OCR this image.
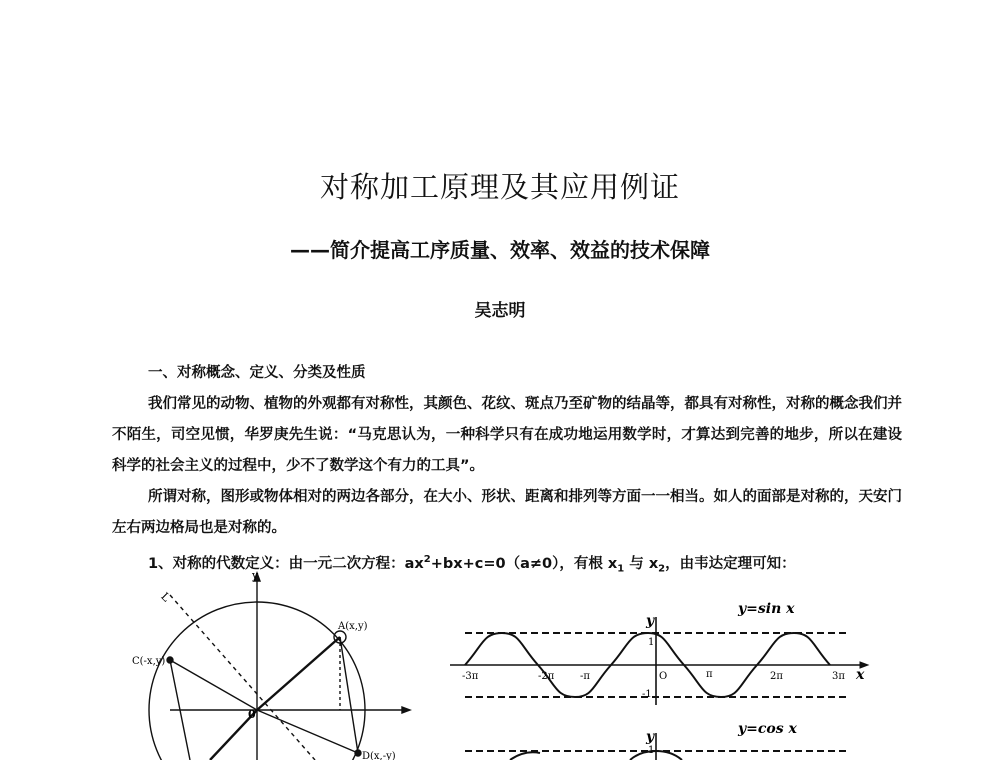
对称加工原理及其应用例证
——简介提高工序质量、效率、效益的技术保障
吴志明

一、对称概念、定义、分类及性质

我们常见的动物、植物的外观都有对称性，其颜色、花纹、斑点乃至矿物的结晶等，都具有对称性，对称的概念我们并不陌生，司空见惯，华罗庚先生说：“马克思认为，一种科学只有在成功地运用数学时，才算达到完善的地步，所以在建设科学的社会主义的过程中，少不了数学这个有力的工具”。

所谓对称，图形或物体相对的两边各部分，在大小、形状、距离和排列等方面一一相当。如人的面部是对称的，天安门左右两边格局也是对称的。

1、对称的代数定义：由一元二次方程：$ax^2+bx+c=0(a\ne 0)$，有根 $x_1$ 与 $x_2$，由韦达定理可知：

y
L
0
A(x,y)
C(-x,y)
D(x,-y)
y=sin x
y
x
1
-1
-3π	-2π	-π	O	π	2π	3π
y=cos x
y
1
